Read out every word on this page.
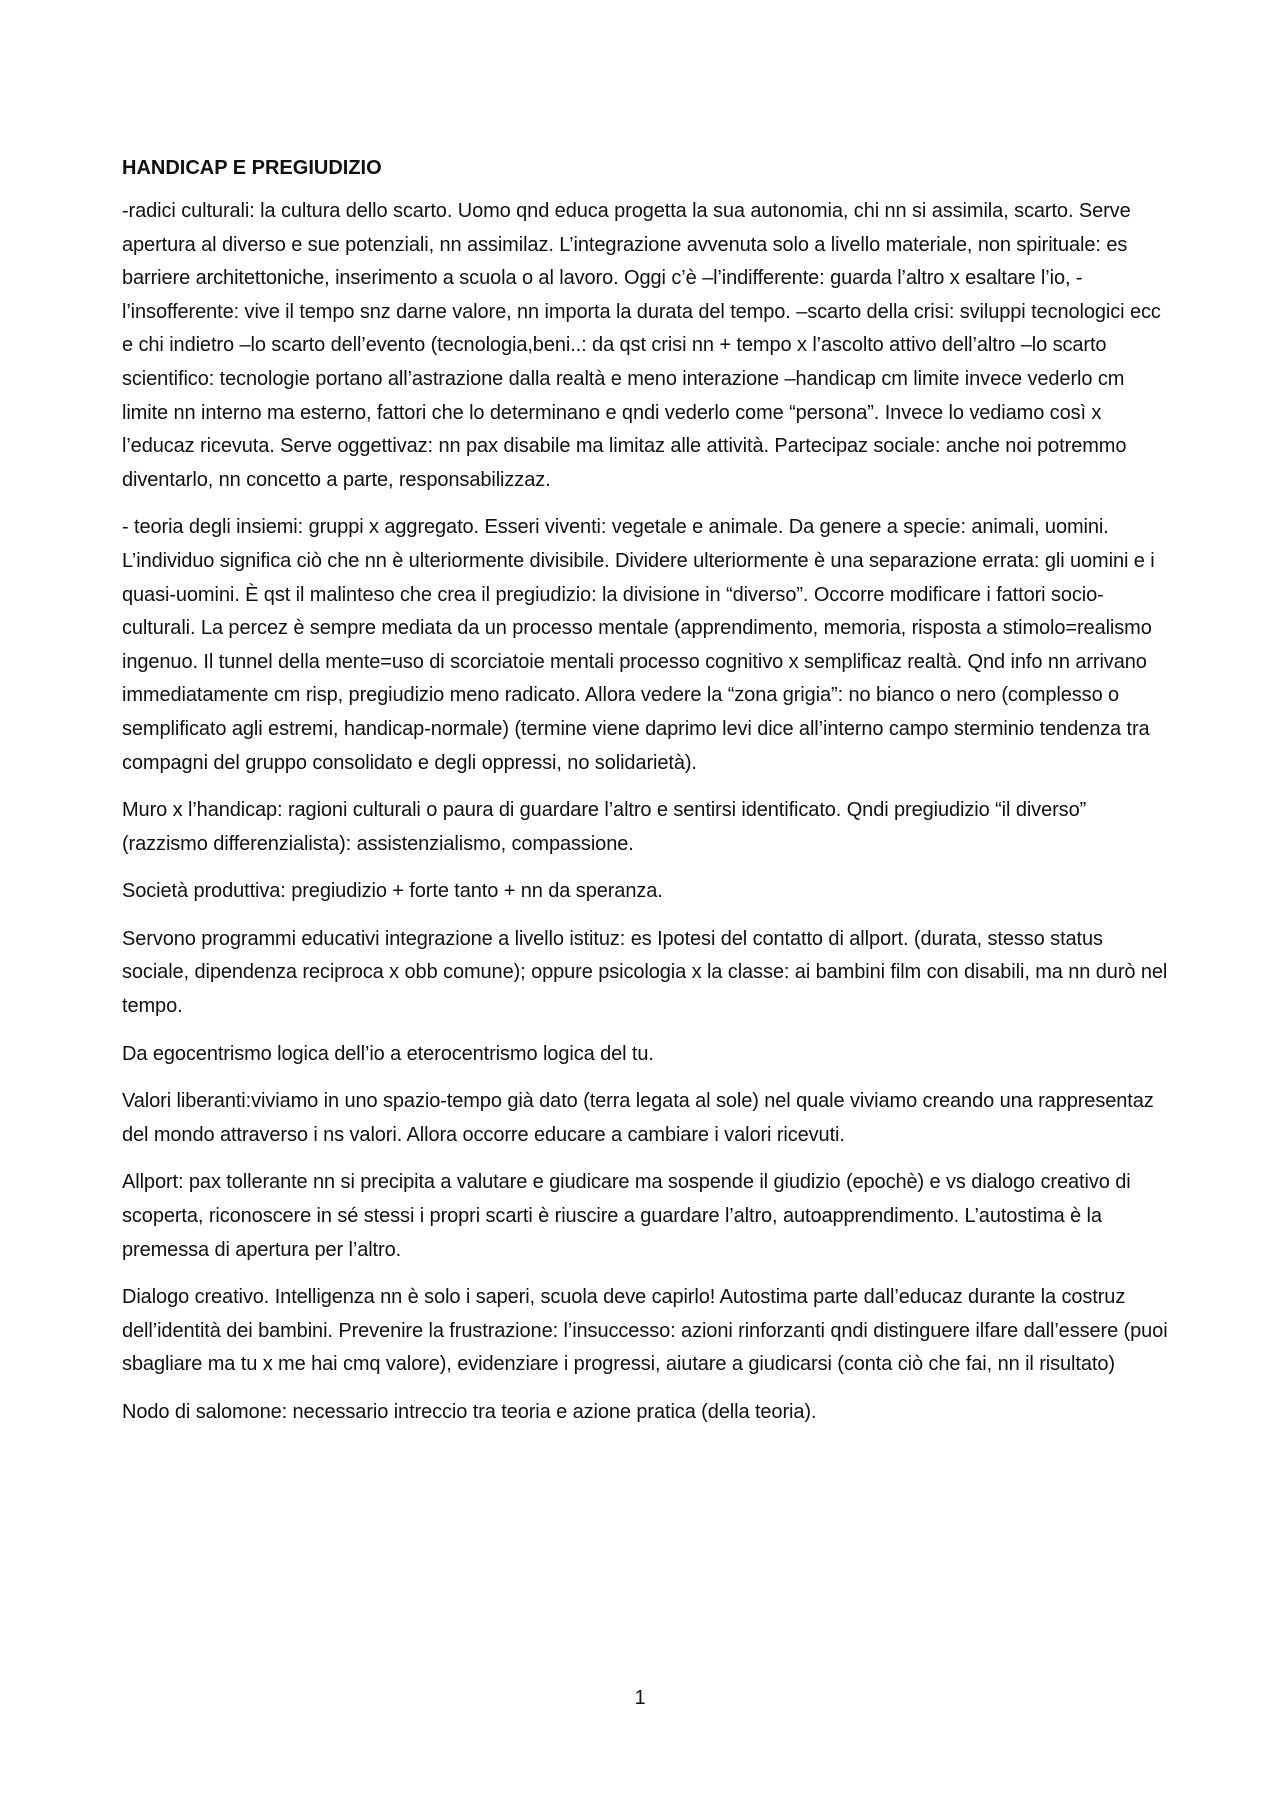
HANDICAP E PREGIUDIZIO

-radici culturali: la cultura dello scarto. Uomo qnd educa progetta la sua autonomia, chi nn si assimila, scarto. Serve apertura al diverso e sue potenziali, nn assimilaz. L’integrazione avvenuta solo a livello materiale, non spirituale: es barriere architettoniche, inserimento a scuola o al lavoro. Oggi c’è –l’indifferente: guarda l’altro x esaltare l’io, -l’insofferente: vive il tempo snz darne valore, nn importa la durata del tempo. –scarto della crisi: sviluppi tecnologici ecc e chi indietro –lo scarto dell’evento (tecnologia,beni..: da qst crisi nn + tempo x l’ascolto attivo dell’altro –lo scarto scientifico: tecnologie portano all’astrazione dalla realtà e meno interazione –handicap cm limite invece vederlo cm limite nn interno ma esterno, fattori che lo determinano e qndi vederlo come “persona”. Invece lo vediamo così x l’educaz ricevuta. Serve oggettivaz: nn pax disabile ma limitaz alle attività. Partecipaz sociale: anche noi potremmo diventarlo, nn concetto a parte, responsabilizzaz.

- teoria degli insiemi: gruppi x aggregato. Esseri viventi: vegetale e animale. Da genere a specie: animali, uomini. L’individuo significa ciò che nn è ulteriormente divisibile. Dividere ulteriormente è una separazione errata: gli uomini e i quasi-uomini. È qst il malinteso che crea il pregiudizio: la divisione in “diverso”. Occorre modificare i fattori socio-culturali. La percez è sempre mediata da un processo mentale (apprendimento, memoria, risposta a stimolo=realismo ingenuo. Il tunnel della mente=uso di scorciatoie mentali processo cognitivo x semplificaz realtà. Qnd info nn arrivano immediatamente cm risp, pregiudizio meno radicato. Allora vedere la “zona grigia”: no bianco o nero (complesso o semplificato agli estremi, handicap-normale) (termine viene daprimo levi dice all’interno campo sterminio tendenza tra compagni del gruppo consolidato e degli oppressi, no solidarietà).

Muro x l’handicap: ragioni culturali o paura di guardare l’altro e sentirsi identificato. Qndi pregiudizio “il diverso” (razzismo differenzialista): assistenzialismo, compassione.

Società produttiva: pregiudizio + forte tanto + nn da speranza.

Servono programmi educativi integrazione a livello istituz: es Ipotesi del contatto di allport. (durata, stesso status sociale, dipendenza reciproca x obb comune); oppure psicologia x la classe: ai bambini film con disabili, ma nn durò nel tempo.

Da egocentrismo logica dell’io a eterocentrismo logica del tu.

Valori liberanti:viviamo in uno spazio-tempo già dato (terra legata al sole) nel quale viviamo creando una rappresentaz del mondo attraverso i ns valori. Allora occorre educare a cambiare i valori ricevuti.

Allport: pax tollerante nn si precipita a valutare e giudicare ma sospende il giudizio (epochè) e vs dialogo creativo di scoperta, riconoscere in sé stessi i propri scarti è riuscire a guardare l’altro, autoapprendimento. L’autostima è la premessa di apertura per l’altro.

Dialogo creativo. Intelligenza nn è solo i saperi, scuola deve capirlo! Autostima parte dall’educaz durante la costruz dell’identità dei bambini. Prevenire la frustrazione: l’insuccesso: azioni rinforzanti qndi distinguere ilfare dall’essere (puoi sbagliare ma tu x me hai cmq valore), evidenziare i progressi, aiutare a giudicarsi (conta ciò che fai, nn il risultato)

Nodo di salomone: necessario intreccio tra teoria e azione pratica (della teoria).

1
